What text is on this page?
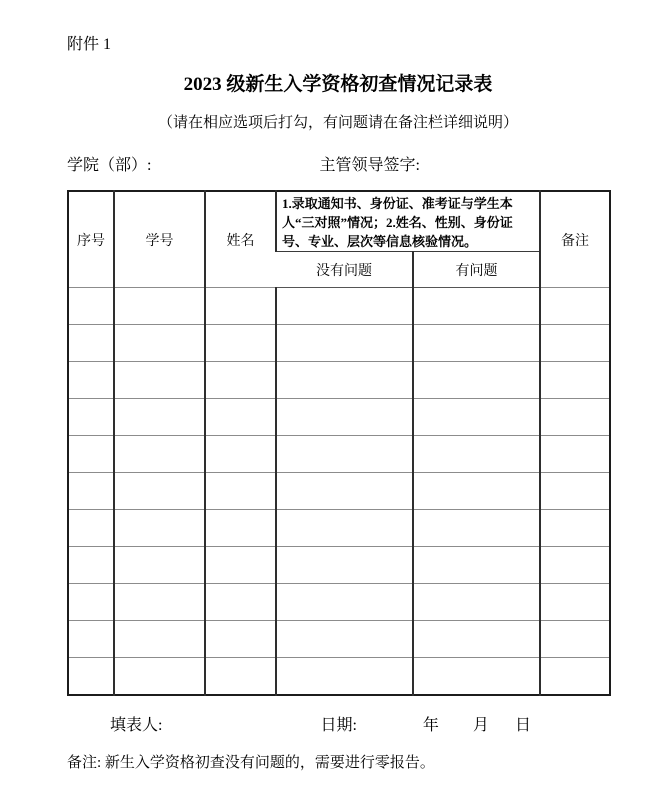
附件 1
2023 级新生入学资格初查情况记录表
（请在相应选项后打勾，有问题请在备注栏详细说明）
学院（部）:	主管领导签字:
序号	学号	姓名	1.录取通知书、身份证、准考证与学生本人“三对照”情况；2.姓名、性别、身份证号、专业、层次等信息核验情况。		备注
			没有问题	有问题	

填表人:	日期:	年 月 日
备注: 新生入学资格初查没有问题的，需要进行零报告。
